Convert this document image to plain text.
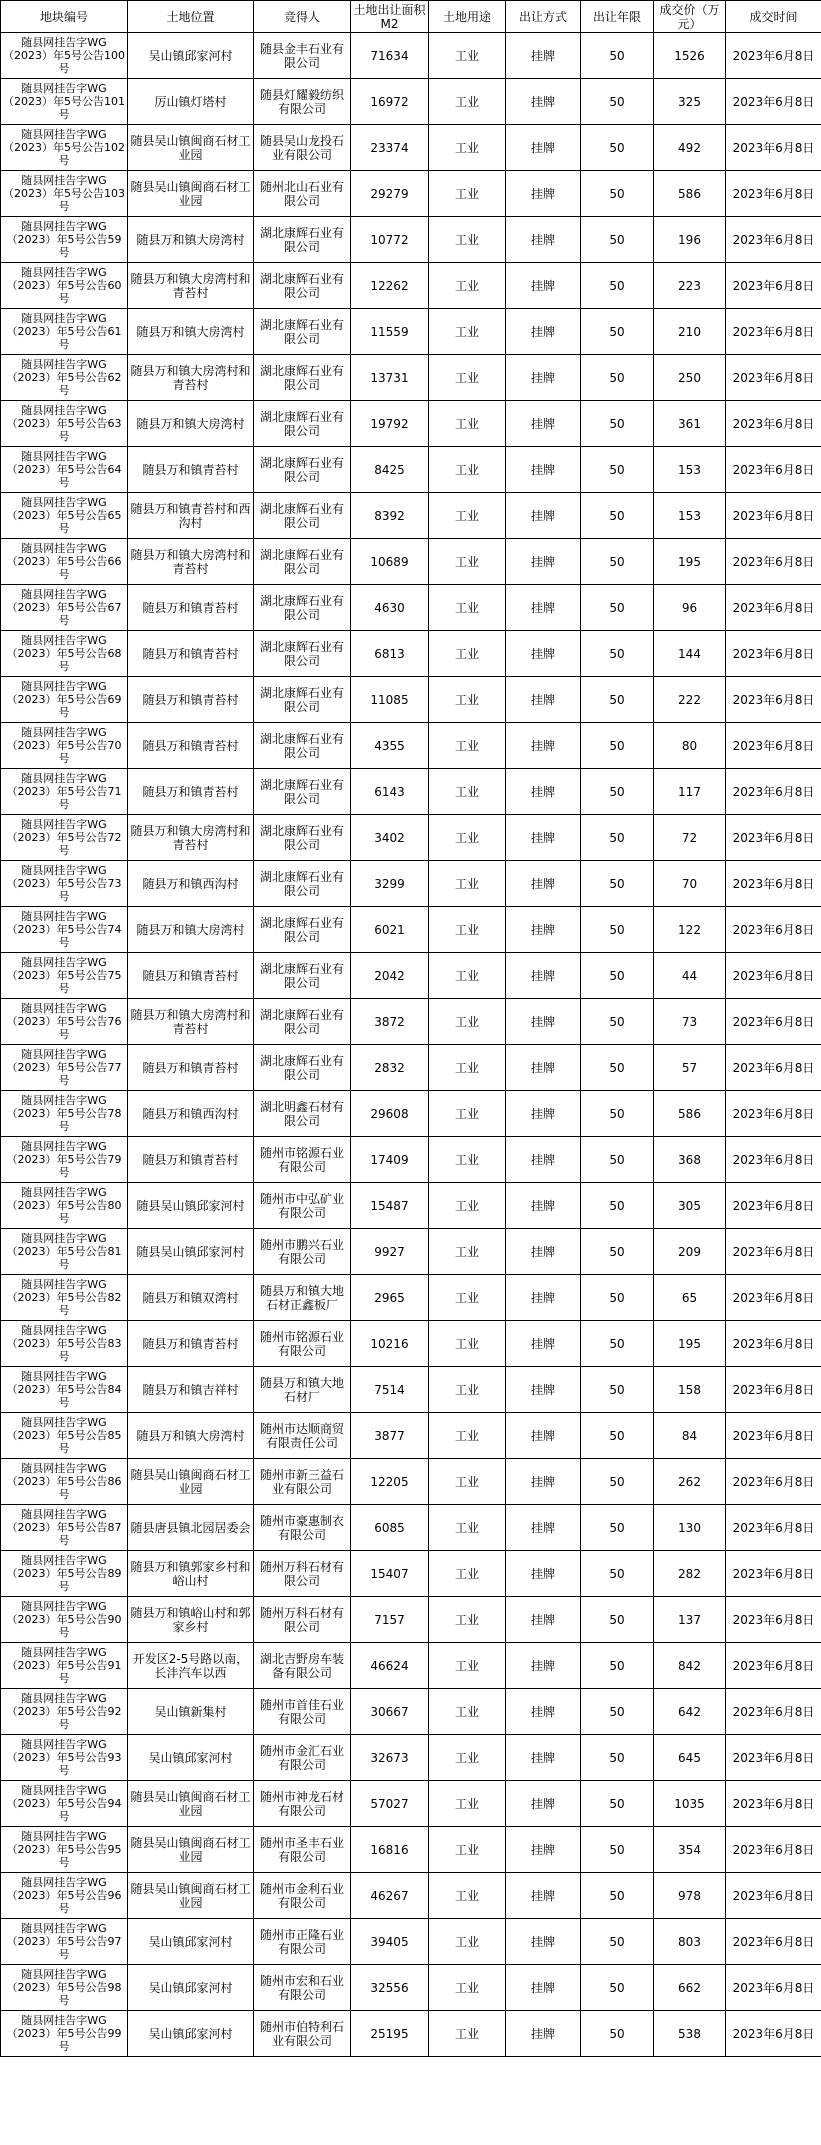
地块编号	土地位置	竞得人	土地出让面积M2	土地用途	出让方式	出让年限	成交价（万元）	成交时间
随县网挂告字WG（2023）年5号公告100号	吴山镇邱家河村	随县金丰石业有限公司	71634	工业	挂牌	50	1526	2023年6月8日
随县网挂告字WG（2023）年5号公告101号	厉山镇灯塔村	随县灯耀毅纺织有限公司	16972	工业	挂牌	50	325	2023年6月8日
随县网挂告字WG（2023）年5号公告102号	随县吴山镇闽商石材工业园	随县吴山龙投石业有限公司	23374	工业	挂牌	50	492	2023年6月8日
随县网挂告字WG（2023）年5号公告103号	随县吴山镇闽商石材工业园	随州北山石业有限公司	29279	工业	挂牌	50	586	2023年6月8日
随县网挂告字WG（2023）年5号公告59号	随县万和镇大房湾村	湖北康辉石业有限公司	10772	工业	挂牌	50	196	2023年6月8日
随县网挂告字WG（2023）年5号公告60号	随县万和镇大房湾村和青苔村	湖北康辉石业有限公司	12262	工业	挂牌	50	223	2023年6月8日
随县网挂告字WG（2023）年5号公告61号	随县万和镇大房湾村	湖北康辉石业有限公司	11559	工业	挂牌	50	210	2023年6月8日
随县网挂告字WG（2023）年5号公告62号	随县万和镇大房湾村和青苔村	湖北康辉石业有限公司	13731	工业	挂牌	50	250	2023年6月8日
随县网挂告字WG（2023）年5号公告63号	随县万和镇大房湾村	湖北康辉石业有限公司	19792	工业	挂牌	50	361	2023年6月8日
随县网挂告字WG（2023）年5号公告64号	随县万和镇青苔村	湖北康辉石业有限公司	8425	工业	挂牌	50	153	2023年6月8日
随县网挂告字WG（2023）年5号公告65号	随县万和镇青苔村和西沟村	湖北康辉石业有限公司	8392	工业	挂牌	50	153	2023年6月8日
随县网挂告字WG（2023）年5号公告66号	随县万和镇大房湾村和青苔村	湖北康辉石业有限公司	10689	工业	挂牌	50	195	2023年6月8日
随县网挂告字WG（2023）年5号公告67号	随县万和镇青苔村	湖北康辉石业有限公司	4630	工业	挂牌	50	96	2023年6月8日
随县网挂告字WG（2023）年5号公告68号	随县万和镇青苔村	湖北康辉石业有限公司	6813	工业	挂牌	50	144	2023年6月8日
随县网挂告字WG（2023）年5号公告69号	随县万和镇青苔村	湖北康辉石业有限公司	11085	工业	挂牌	50	222	2023年6月8日
随县网挂告字WG（2023）年5号公告70号	随县万和镇青苔村	湖北康辉石业有限公司	4355	工业	挂牌	50	80	2023年6月8日
随县网挂告字WG（2023）年5号公告71号	随县万和镇青苔村	湖北康辉石业有限公司	6143	工业	挂牌	50	117	2023年6月8日
随县网挂告字WG（2023）年5号公告72号	随县万和镇大房湾村和青苔村	湖北康辉石业有限公司	3402	工业	挂牌	50	72	2023年6月8日
随县网挂告字WG（2023）年5号公告73号	随县万和镇西沟村	湖北康辉石业有限公司	3299	工业	挂牌	50	70	2023年6月8日
随县网挂告字WG（2023）年5号公告74号	随县万和镇大房湾村	湖北康辉石业有限公司	6021	工业	挂牌	50	122	2023年6月8日
随县网挂告字WG（2023）年5号公告75号	随县万和镇青苔村	湖北康辉石业有限公司	2042	工业	挂牌	50	44	2023年6月8日
随县网挂告字WG（2023）年5号公告76号	随县万和镇大房湾村和青苔村	湖北康辉石业有限公司	3872	工业	挂牌	50	73	2023年6月8日
随县网挂告字WG（2023）年5号公告77号	随县万和镇青苔村	湖北康辉石业有限公司	2832	工业	挂牌	50	57	2023年6月8日
随县网挂告字WG（2023）年5号公告78号	随县万和镇西沟村	湖北明鑫石材有限公司	29608	工业	挂牌	50	586	2023年6月8日
随县网挂告字WG（2023）年5号公告79号	随县万和镇青苔村	随州市铭源石业有限公司	17409	工业	挂牌	50	368	2023年6月8日
随县网挂告字WG（2023）年5号公告80号	随县吴山镇邱家河村	随州市中弘矿业有限公司	15487	工业	挂牌	50	305	2023年6月8日
随县网挂告字WG（2023）年5号公告81号	随县吴山镇邱家河村	随州市鹏兴石业有限公司	9927	工业	挂牌	50	209	2023年6月8日
随县网挂告字WG（2023）年5号公告82号	随县万和镇双湾村	随县万和镇大地石材正鑫板厂	2965	工业	挂牌	50	65	2023年6月8日
随县网挂告字WG（2023）年5号公告83号	随县万和镇青苔村	随州市铭源石业有限公司	10216	工业	挂牌	50	195	2023年6月8日
随县网挂告字WG（2023）年5号公告84号	随县万和镇吉祥村	随县万和镇大地石材厂	7514	工业	挂牌	50	158	2023年6月8日
随县网挂告字WG（2023）年5号公告85号	随县万和镇大房湾村	随州市达顺商贸有限责任公司	3877	工业	挂牌	50	84	2023年6月8日
随县网挂告字WG（2023）年5号公告86号	随县吴山镇闽商石材工业园	随州市新三益石业有限公司	12205	工业	挂牌	50	262	2023年6月8日
随县网挂告字WG（2023）年5号公告87号	随县唐县镇北园居委会	随州市豪惠制衣有限公司	6085	工业	挂牌	50	130	2023年6月8日
随县网挂告字WG（2023）年5号公告89号	随县万和镇郭家乡村和峪山村	随州万科石材有限公司	15407	工业	挂牌	50	282	2023年6月8日
随县网挂告字WG（2023）年5号公告90号	随县万和镇峪山村和郭家乡村	随州万科石材有限公司	7157	工业	挂牌	50	137	2023年6月8日
随县网挂告字WG（2023）年5号公告91号	开发区2-5号路以南，长沣汽车以西	湖北吉野房车装备有限公司	46624	工业	挂牌	50	842	2023年6月8日
随县网挂告字WG（2023）年5号公告92号	吴山镇新集村	随州市首佳石业有限公司	30667	工业	挂牌	50	642	2023年6月8日
随县网挂告字WG（2023）年5号公告93号	吴山镇邱家河村	随州市金汇石业有限公司	32673	工业	挂牌	50	645	2023年6月8日
随县网挂告字WG（2023）年5号公告94号	随县吴山镇闽商石材工业园	随州市神龙石材有限公司	57027	工业	挂牌	50	1035	2023年6月8日
随县网挂告字WG（2023）年5号公告95号	随县吴山镇闽商石材工业园	随州市圣丰石业有限公司	16816	工业	挂牌	50	354	2023年6月8日
随县网挂告字WG（2023）年5号公告96号	随县吴山镇闽商石材工业园	随州市金利石业有限公司	46267	工业	挂牌	50	978	2023年6月8日
随县网挂告字WG（2023）年5号公告97号	吴山镇邱家河村	随州市正隆石业有限公司	39405	工业	挂牌	50	803	2023年6月8日
随县网挂告字WG（2023）年5号公告98号	吴山镇邱家河村	随州市宏和石业有限公司	32556	工业	挂牌	50	662	2023年6月8日
随县网挂告字WG（2023）年5号公告99号	吴山镇邱家河村	随州市伯特利石业有限公司	25195	工业	挂牌	50	538	2023年6月8日
